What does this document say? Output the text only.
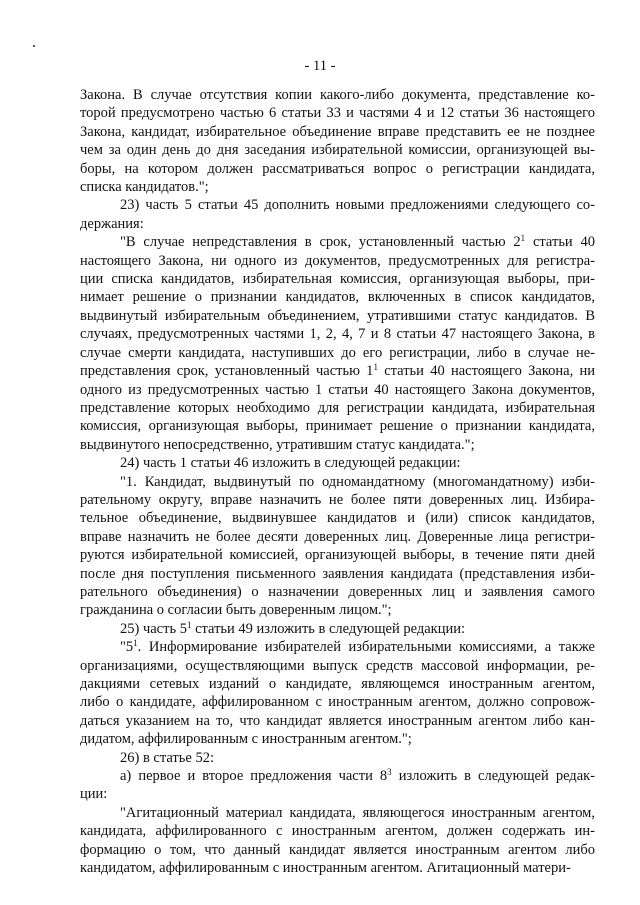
- 11 -
Закона. В случае отсутствия копии какого-либо документа, представление ко-
торой предусмотрено частью 6 статьи 33 и частями 4 и 12 статьи 36 настоящего
Закона, кандидат, избирательное объединение вправе представить ее не позднее
чем за один день до дня заседания избирательной комиссии, организующей вы-
боры, на котором должен рассматриваться вопрос о регистрации кандидата,
списка кандидатов.";
23) часть 5 статьи 45 дополнить новыми предложениями следующего со-
держания:
"В случае непредставления в срок, установленный частью $2^1$ статьи 40
настоящего Закона, ни одного из документов, предусмотренных для регистра-
ции списка кандидатов, избирательная комиссия, организующая выборы, при-
нимает решение о признании кандидатов, включенных в список кандидатов,
выдвинутый избирательным объединением, утратившими статус кандидатов. В
случаях, предусмотренных частями 1, 2, 4, 7 и 8 статьи 47 настоящего Закона, в
случае смерти кандидата, наступивших до его регистрации, либо в случае не-
представления срок, установленный частью $1^1$ статьи 40 настоящего Закона, ни
одного из предусмотренных частью 1 статьи 40 настоящего Закона документов,
представление которых необходимо для регистрации кандидата, избирательная
комиссия, организующая выборы, принимает решение о признании кандидата,
выдвинутого непосредственно, утратившим статус кандидата.";
24) часть 1 статьи 46 изложить в следующей редакции:
"1. Кандидат, выдвинутый по одномандатному (многомандатному) изби-
рательному округу, вправе назначить не более пяти доверенных лиц. Избира-
тельное объединение, выдвинувшее кандидатов и (или) список кандидатов,
вправе назначить не более десяти доверенных лиц. Доверенные лица регистри-
руются избирательной комиссией, организующей выборы, в течение пяти дней
после дня поступления письменного заявления кандидата (представления изби-
рательного объединения) о назначении доверенных лиц и заявления самого
гражданина о согласии быть доверенным лицом.";
25) часть $5^1$ статьи 49 изложить в следующей редакции:
"$5^1$. Информирование избирателей избирательными комиссиями, а также
организациями, осуществляющими выпуск средств массовой информации, ре-
дакциями сетевых изданий о кандидате, являющемся иностранным агентом,
либо о кандидате, аффилированном с иностранным агентом, должно сопровож-
даться указанием на то, что кандидат является иностранным агентом либо кан-
дидатом, аффилированным с иностранным агентом.";
26) в статье 52:
а) первое и второе предложения части $8^3$ изложить в следующей редак-
ции:
"Агитационный материал кандидата, являющегося иностранным агентом,
кандидата, аффилированного с иностранным агентом, должен содержать ин-
формацию о том, что данный кандидат является иностранным агентом либо
кандидатом, аффилированным с иностранным агентом. Агитационный матери-
